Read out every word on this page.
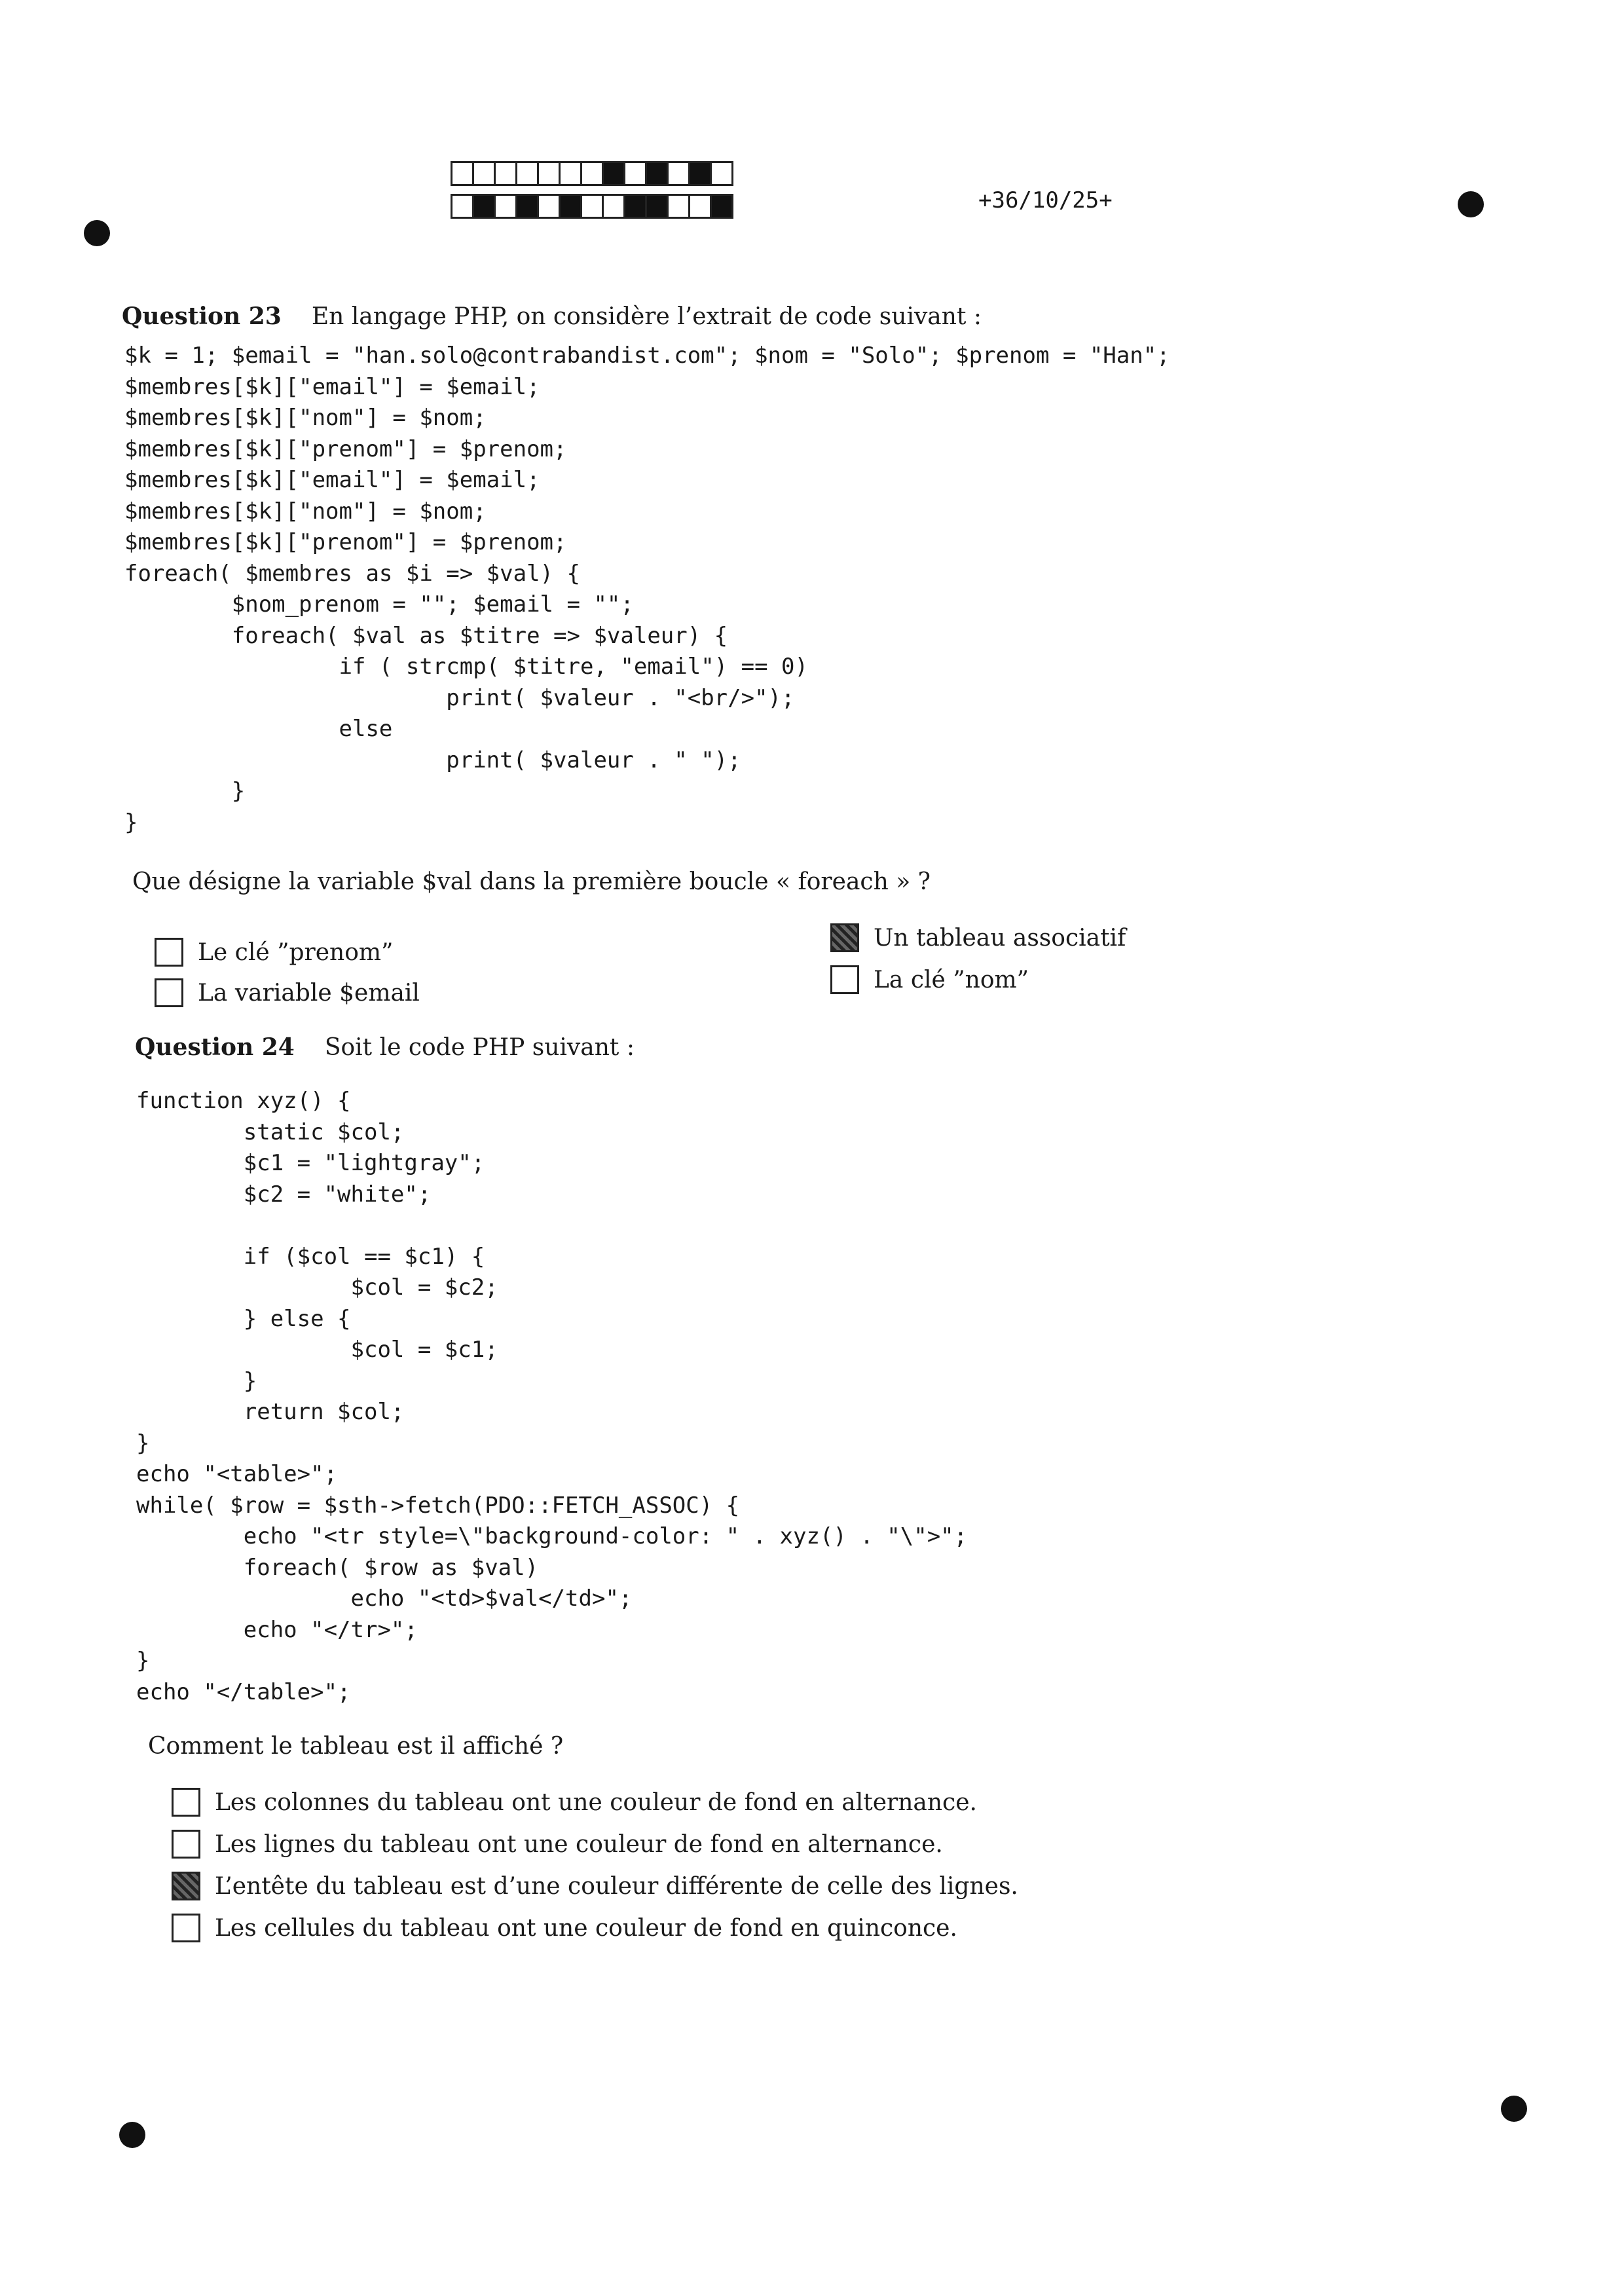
+36/10/25+
Question 23 En langage PHP, on considère l’extrait de code suivant :
$k = 1; $email = "han.solo@contrabandist.com"; $nom = "Solo"; $prenom = "Han";
$membres[$k]["email"] = $email;
$membres[$k]["nom"] = $nom;
$membres[$k]["prenom"] = $prenom;
$membres[$k]["email"] = $email;
$membres[$k]["nom"] = $nom;
$membres[$k]["prenom"] = $prenom;
foreach( $membres as $i => $val) {
$nom_prenom = ""; $email = "";
foreach( $val as $titre => $valeur) {
if ( strcmp( $titre, "email") == 0)
print( $valeur . "<br/>");
else
print( $valeur . " ");
}
}
Que désigne la variable $val dans la première boucle « foreach » ?
Le clé ”prenom”
La variable $email
Un tableau associatif
La clé ”nom”
Question 24 Soit le code PHP suivant :
function xyz() {
static $col;
$c1 = "lightgray";
$c2 = "white";

if ($col == $c1) {
$col = $c2;
} else {
$col = $c1;
}
return $col;
}
echo "<table>";
while( $row = $sth->fetch(PDO::FETCH_ASSOC) {
echo "<tr style=\"background-color: " . xyz() . "\">";
foreach( $row as $val)
echo "<td>$val</td>";
echo "</tr>";
}
echo "</table>";
Comment le tableau est il affiché ?
Les colonnes du tableau ont une couleur de fond en alternance.
Les lignes du tableau ont une couleur de fond en alternance.
L’entête du tableau est d’une couleur différente de celle des lignes.
Les cellules du tableau ont une couleur de fond en quinconce.
